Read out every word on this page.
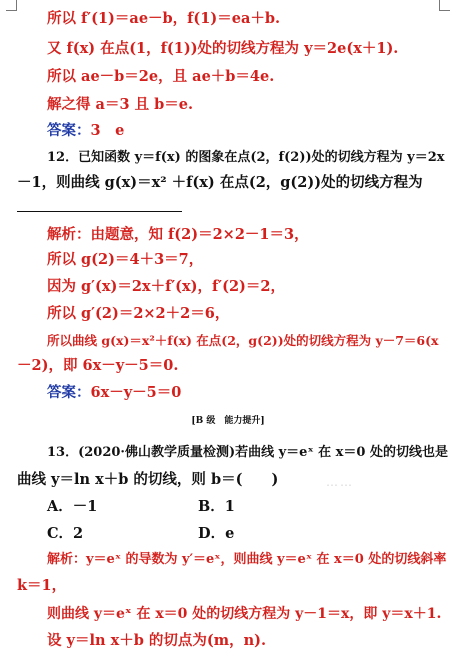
所以 f′(1)＝ae－b，f(1)＝ea＋b.
又 f(x) 在点(1，f(1))处的切线方程为 y＝2e(x＋1).
所以 ae－b＝2e，且 ae＋b＝4e.
解之得 a＝3 且 b＝e.
答案：3　e
12．已知函数 y＝f(x) 的图象在点(2，f(2))处的切线方程为 y＝2x
－1，则曲线 g(x)＝x² ＋f(x) 在点(2，g(2))处的切线方程为
解析：由题意，知 f(2)＝2×2－1＝3，
所以 g(2)＝4＋3＝7，
因为 g′(x)＝2x＋f′(x)，f′(2)＝2，
所以 g′(2)＝2×2＋2＝6，
所以曲线 g(x)＝x²＋f(x) 在点(2，g(2))处的切线方程为 y－7＝6(x
－2)，即 6x－y－5＝0.
答案：6x－y－5＝0
[B 级　能力提升]
13．(2020·佛山教学质量检测)若曲线 y＝eˣ 在 x＝0 处的切线也是
曲线 y＝ln x＋b 的切线，则 b＝(　　)	……
A．－1	B．1
C．2	D．e
解析：y＝eˣ 的导数为 y′＝eˣ，则曲线 y＝eˣ 在 x＝0 处的切线斜率
k＝1，
则曲线 y＝eˣ 在 x＝0 处的切线方程为 y－1＝x，即 y＝x＋1.
设 y＝ln x＋b 的切点为(m，n).
